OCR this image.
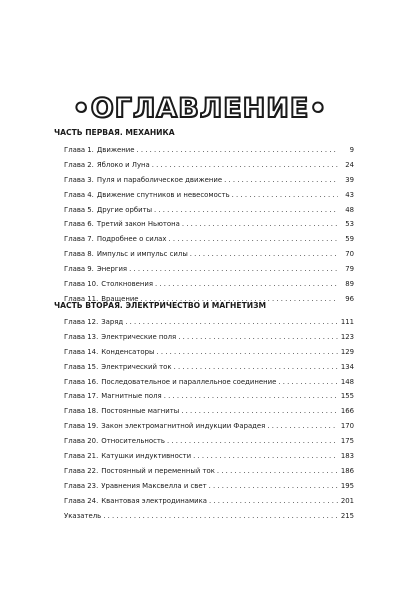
•ОГЛАВЛЕНИЕ•
ЧАСТЬ ПЕРВАЯ. МЕХАНИКА
Глава 1. Движение . . .	9
Глава 2. Яблоко и Луна . . .	24
Глава 3. Пуля и параболическое движение . . .	39
Глава 4. Движение спутников и невесомость . . .	43
Глава 5. Другие орбиты . . .	48
Глава 6. Третий закон Ньютона . . .	53
Глава 7. Подробнее о силах . . .	59
Глава 8. Импульс и импульс силы . . .	70
Глава 9. Энергия . . .	79
Глава 10. Столкновения . . .	89
Глава 11. Вращение . . .	96
ЧАСТЬ ВТОРАЯ. ЭЛЕКТРИЧЕСТВО И МАГНЕТИЗМ
Глава 12. Заряд . . .	111
Глава 13. Электрические поля . . .	123
Глава 14. Конденсаторы . . .	129
Глава 15. Электрический ток . . .	134
Глава 16. Последовательное и параллельное соединение . . .	148
Глава 17. Магнитные поля . . .	155
Глава 18. Постоянные магниты . . .	166
Глава 19. Закон электромагнитной индукции Фарадея . . .	170
Глава 20. Относительность . . .	175
Глава 21. Катушки индуктивности . . .	183
Глава 22. Постоянный и переменный ток . . .	186
Глава 23. Уравнения Максвелла и свет . . .	195
Глава 24. Квантовая электродинамика . . .	201
Указатель . . .	215
